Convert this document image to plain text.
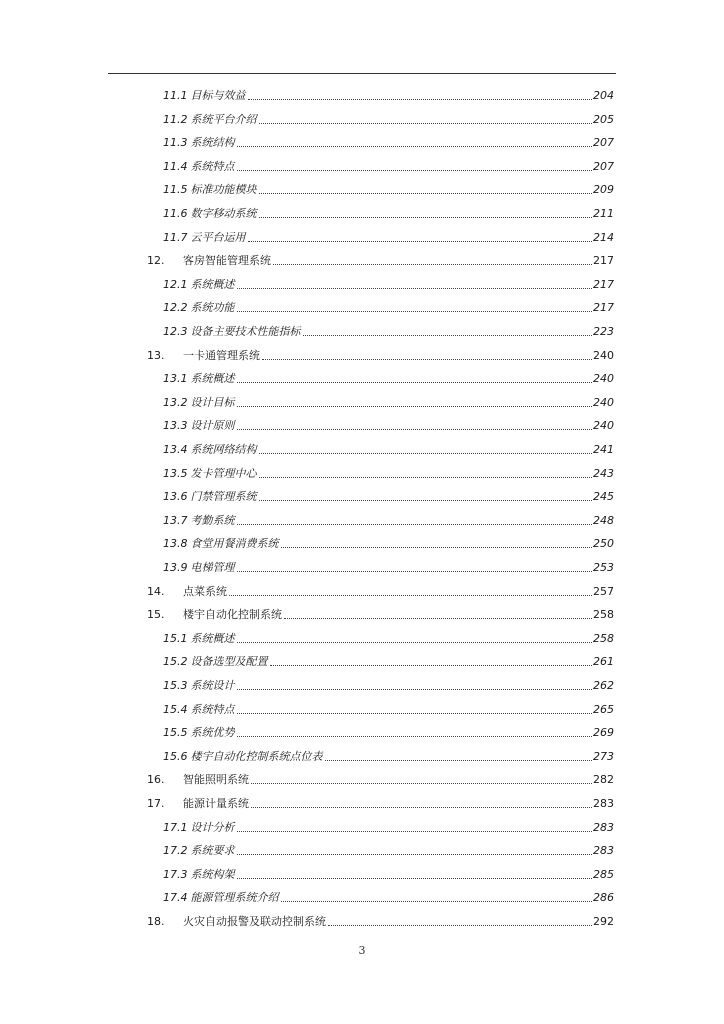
11.1 目标与效益	204
11.2 系统平台介绍	205
11.3 系统结构	207
11.4 系统特点	207
11.5 标准功能模块	209
11.6 数字移动系统	211
11.7 云平台运用	214
12.	客房智能管理系统	217
12.1 系统概述	217
12.2 系统功能	217
12.3 设备主要技术性能指标	223
13.	一卡通管理系统	240
13.1 系统概述	240
13.2 设计目标	240
13.3 设计原则	240
13.4 系统网络结构	241
13.5 发卡管理中心	243
13.6 门禁管理系统	245
13.7 考勤系统	248
13.8 食堂用餐消费系统	250
13.9 电梯管理	253
14.	点菜系统	257
15.	楼宇自动化控制系统	258
15.1 系统概述	258
15.2 设备选型及配置	261
15.3 系统设计	262
15.4 系统特点	265
15.5 系统优势	269
15.6 楼宇自动化控制系统点位表	273
16.	智能照明系统	282
17.	能源计量系统	283
17.1 设计分析	283
17.2 系统要求	283
17.3 系统构架	285
17.4 能源管理系统介绍	286
18.	火灾自动报警及联动控制系统	292
3
